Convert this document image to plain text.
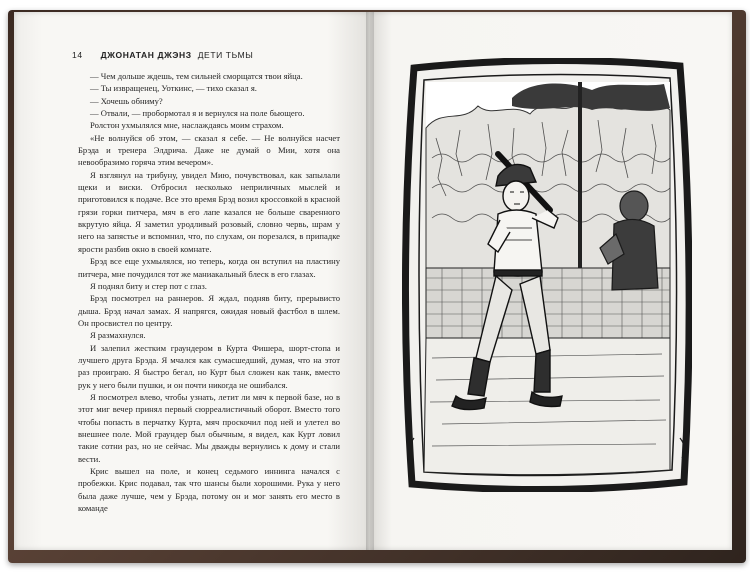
14 ДЖОНАТАН ДЖЭНЗ ДЕТИ ТЬМЫ

— Чем дольше ждешь, тем сильней сморщатся твои яйца.

— Ты извращенец, Уоткинс, — тихо сказал я.

— Хочешь обниму?

— Отвали, — пробормотал я и вернулся на поле бьющего.

Ролстон ухмылялся мне, наслаждаясь моим страхом.

«Не волнуйся об этом, — сказал я себе. — Не волнуйся насчет Брэда и тренера Элдрича. Даже не думай о Мии, хотя она невообразимо горяча этим вечером».

Я взглянул на трибуну, увидел Мию, почувствовал, как запылали щеки и виски. Отбросил несколько неприличных мыслей и приготовился к подаче. Все это время Брэд возил кроссовкой в красной грязи горки питчера, мяч в его лапе казался не больше сваренного вкрутую яйца. Я заметил уродливый розовый, словно червь, шрам у него на запястье и вспомнил, что, по слухам, он порезался, в припадке ярости разбив окно в своей комнате.

Брэд все еще ухмылялся, но теперь, когда он вступил на пластину питчера, мне почудился тот же маниакальный блеск в его глазах.

Я поднял биту и стер пот с глаз.

Брэд посмотрел на раннеров. Я ждал, подняв биту, прерывисто дыша. Брэд начал замах. Я напрягся, ожидая новый фастбол в шлем. Он просвистел по центру.

Я размахнулся.

И залепил жестким граундером в Курта Фишера, шорт-стопа и лучшего друга Брэда. Я мчался как сумасшедший, думая, что на этот раз проиграю. Я быстро бегал, но Курт был сложен как танк, вместо рук у него были пушки, и он почти никогда не ошибался.

Я посмотрел влево, чтобы узнать, летит ли мяч к первой базе, но в этот миг вечер принял первый сюрреалистичный оборот. Вместо того чтобы попасть в перчатку Курта, мяч проскочил под ней и улетел во внешнее поле. Мой граундер был обычным, я видел, как Курт ловил такие сотни раз, но не сейчас. Мы дважды вернулись к дому и стали вести.

Крис вышел на поле, и конец седьмого иннинга начался с пробежки. Крис подавал, так что шансы были хорошими. Рука у него была даже лучше, чем у Брэда, потому он и мог занять его место в команде
